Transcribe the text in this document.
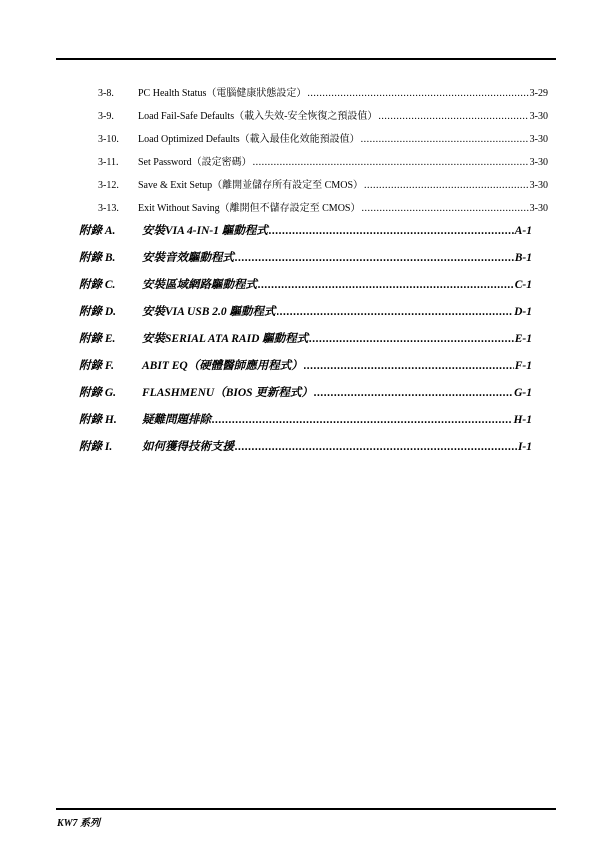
3-8.	PC Health Status（電腦健康狀態設定） .....	3-29
3-9.	Load Fail-Safe Defaults（載入失效-安全恢復之預設值） .....	3-30
3-10.	Load Optimized Defaults（載入最佳化效能預設值） .....	3-30
3-11.	Set Password（設定密碼） .....	3-30
3-12.	Save & Exit Setup（離開並儲存所有設定至 CMOS） .....	3-30
3-13.	Exit Without Saving（離開但不儲存設定至 CMOS） .....	3-30
附錄 A.	安裝VIA 4-IN-1 驅動程式 .....	A-1
附錄 B.	安裝音效驅動程式 .....	B-1
附錄 C.	安裝區域網路驅動程式 .....	C-1
附錄 D.	安裝VIA USB 2.0 驅動程式 .....	D-1
附錄 E.	安裝SERIAL ATA RAID 驅動程式 .....	E-1
附錄 F.	ABIT EQ（硬體醫師應用程式） .....	F-1
附錄 G.	FLASHMENU（BIOS 更新程式） .....	G-1
附錄 H.	疑難問題排除 .....	H-1
附錄 I.	如何獲得技術支援 .....	I-1
KW7 系列
